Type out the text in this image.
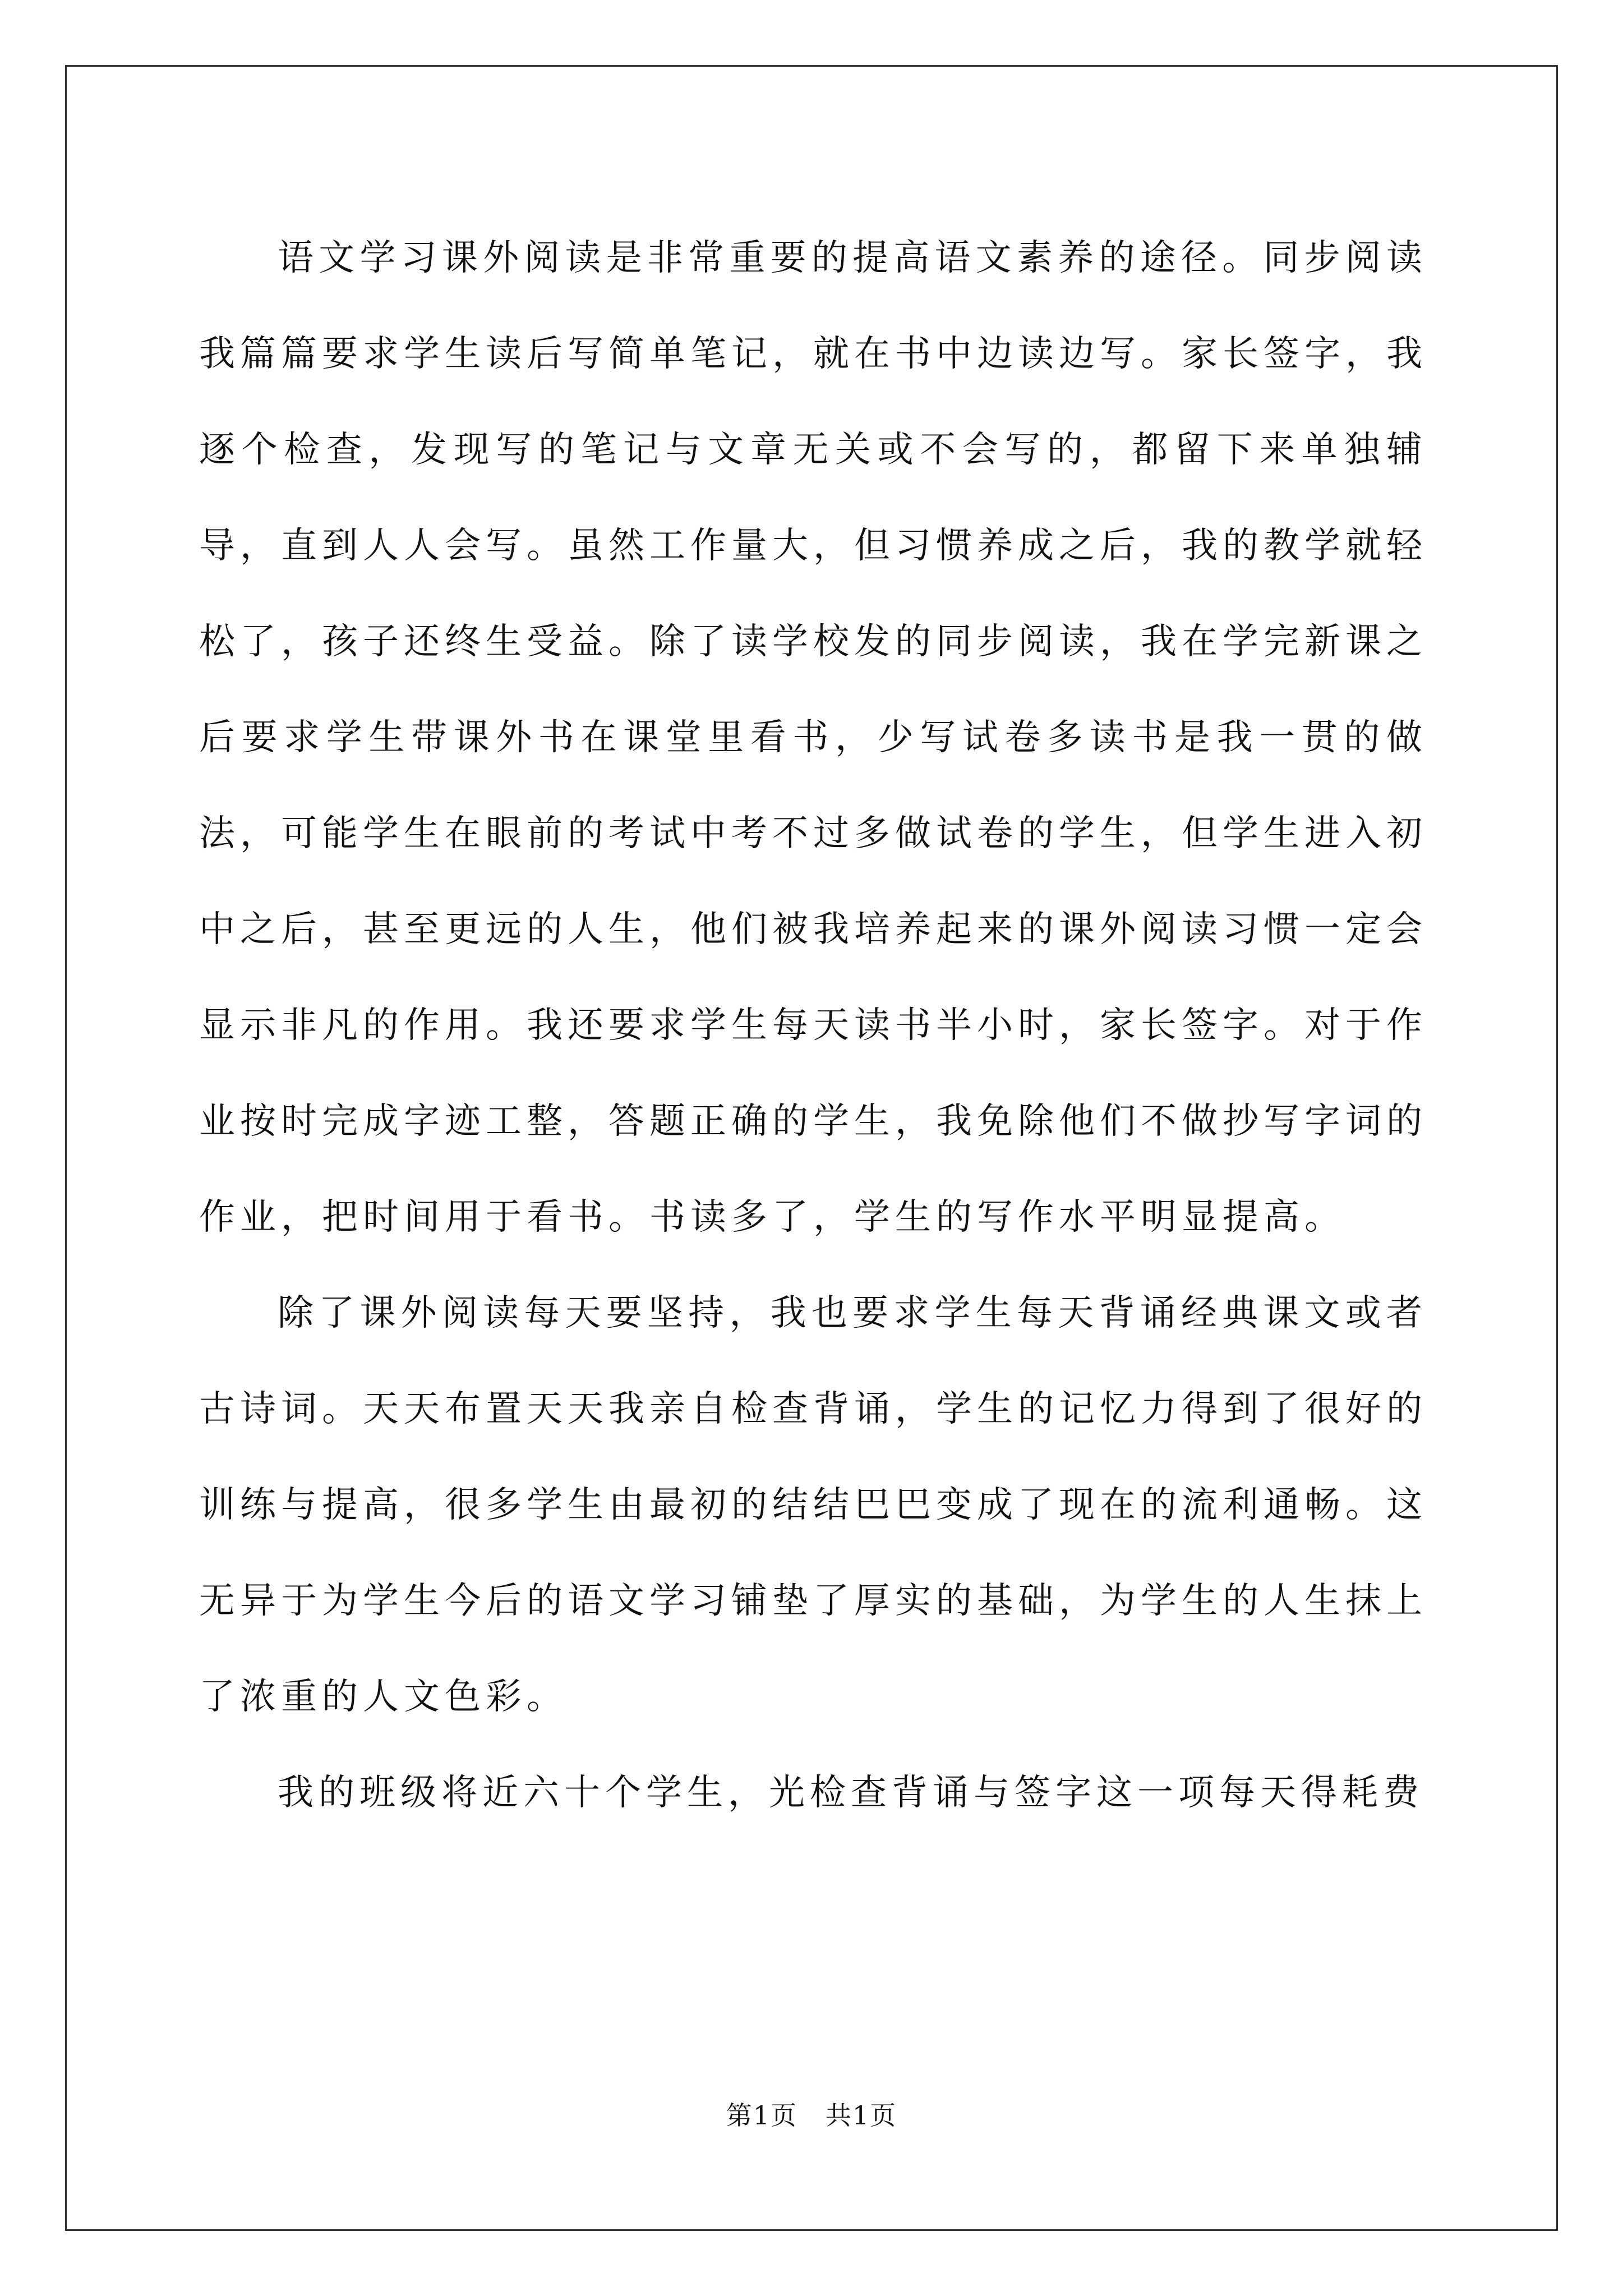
语文学习课外阅读是非常重要的提高语文素养的途径。同步阅读我篇篇要求学生读后写简单笔记，就在书中边读边写。家长签字，我逐个检查，发现写的笔记与文章无关或不会写的，都留下来单独辅导，直到人人会写。虽然工作量大，但习惯养成之后，我的教学就轻松了，孩子还终生受益。除了读学校发的同步阅读，我在学完新课之后要求学生带课外书在课堂里看书，少写试卷多读书是我一贯的做法，可能学生在眼前的考试中考不过多做试卷的学生，但学生进入初中之后，甚至更远的人生，他们被我培养起来的课外阅读习惯一定会显示非凡的作用。我还要求学生每天读书半小时，家长签字。对于作业按时完成字迹工整，答题正确的学生，我免除他们不做抄写字词的作业，把时间用于看书。书读多了，学生的写作水平明显提高。

除了课外阅读每天要坚持，我也要求学生每天背诵经典课文或者古诗词。天天布置天天我亲自检查背诵，学生的记忆力得到了很好的训练与提高，很多学生由最初的结结巴巴变成了现在的流利通畅。这无异于为学生今后的语文学习铺垫了厚实的基础，为学生的人生抹上了浓重的人文色彩。

我的班级将近六十个学生，光检查背诵与签字这一项每天得耗费

第1页 共1页
